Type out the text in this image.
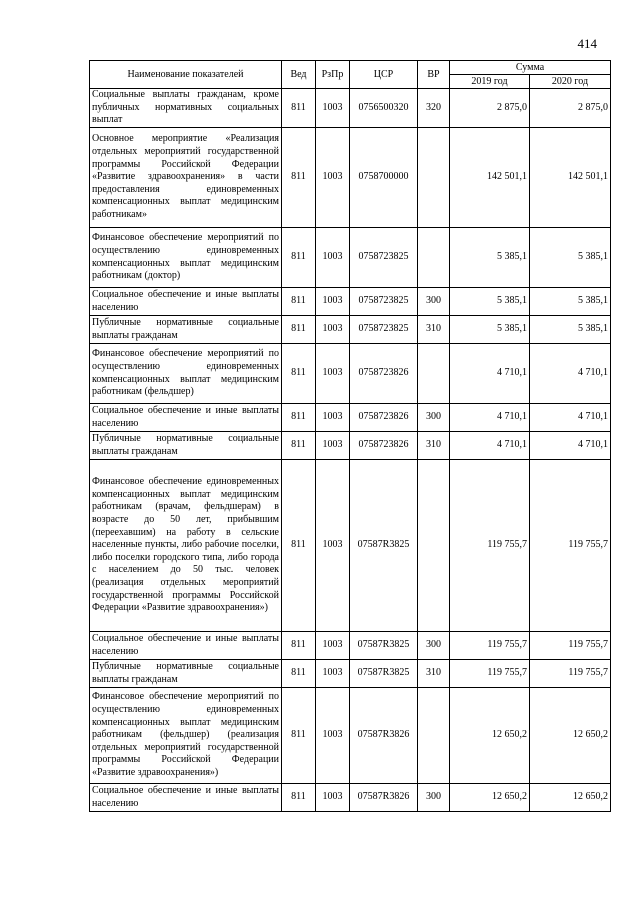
414
Наименование показателей	Вед	РзПр	ЦСР	ВР	Сумма	
					2019 год	2020 год
Социальные выплаты гражданам, кроме публичных нормативных социальных выплат	811	1003	0756500320	320	2 875,0	2 875,0
Основное мероприятие «Реализация отдельных мероприятий государственной программы Российской Федерации «Развитие здравоохранения» в части предоставления единовременных компенсационных выплат медицинским работникам»	811	1003	0758700000		142 501,1	142 501,1
Финансовое обеспечение мероприятий по осуществлению единовременных компенсационных выплат медицинским работникам (доктор)	811	1003	0758723825		5 385,1	5 385,1
Социальное обеспечение и иные выплаты населению	811	1003	0758723825	300	5 385,1	5 385,1
Публичные нормативные социальные выплаты гражданам	811	1003	0758723825	310	5 385,1	5 385,1
Финансовое обеспечение мероприятий по осуществлению единовременных компенсационных выплат медицинским работникам (фельдшер)	811	1003	0758723826		4 710,1	4 710,1
Социальное обеспечение и иные выплаты населению	811	1003	0758723826	300	4 710,1	4 710,1
Публичные нормативные социальные выплаты гражданам	811	1003	0758723826	310	4 710,1	4 710,1
Финансовое обеспечение единовременных компенсационных выплат медицинским работникам (врачам, фельдшерам) в возрасте до 50 лет, прибывшим (переехавшим) на работу в сельские населенные пункты, либо рабочие поселки, либо поселки городского типа, либо города с населением до 50 тыс. человек (реализация отдельных мероприятий государственной программы Российской Федерации «Развитие здравоохранения»)	811	1003	07587R3825		119 755,7	119 755,7
Социальное обеспечение и иные выплаты населению	811	1003	07587R3825	300	119 755,7	119 755,7
Публичные нормативные социальные выплаты гражданам	811	1003	07587R3825	310	119 755,7	119 755,7
Финансовое обеспечение мероприятий по осуществлению единовременных компенсационных выплат медицинским работникам (фельдшер) (реализация отдельных мероприятий государственной программы Российской Федерации «Развитие здравоохранения»)	811	1003	07587R3826		12 650,2	12 650,2
Социальное обеспечение и иные выплаты населению	811	1003	07587R3826	300	12 650,2	12 650,2
